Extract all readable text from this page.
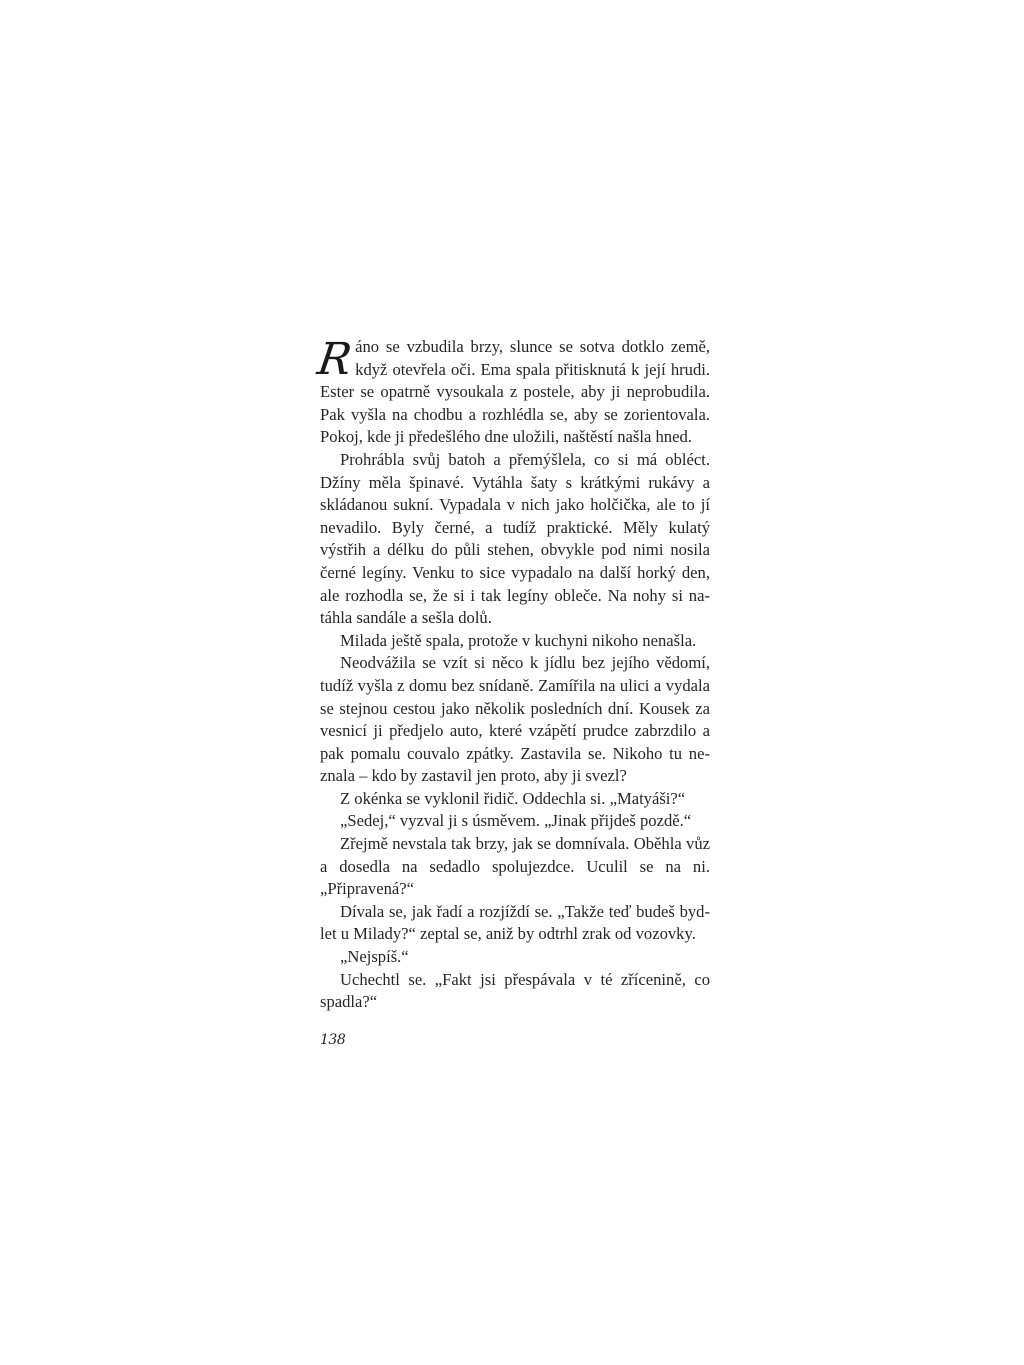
Ráno se vzbudila brzy, slunce se sotva dotklo země, když otevřela oči. Ema spala přitisknutá k její hrudi. Ester se opatrně vysoukala z postele, aby ji neprobudila. Pak vyšla na chodbu a rozhlédla se, aby se zorientovala. Pokoj, kde ji předešlého dne uložili, naštěstí našla hned.

Prohrábla svůj batoh a přemýšlela, co si má obléct. Džíny měla špinavé. Vytáhla šaty s krátkými rukávy a skládanou sukní. Vypadala v nich jako holčička, ale to jí nevadilo. Byly černé, a tudíž praktické. Měly kulatý výstřih a délku do půli stehen, obvykle pod nimi nosila černé legíny. Venku to sice vypadalo na další horký den, ale rozhodla se, že si i tak legíny obleče. Na nohy si natáhla sandále a sešla dolů.

Milada ještě spala, protože v kuchyni nikoho nenašla.

Neodvážila se vzít si něco k jídlu bez jejího vědomí, tudíž vyšla z domu bez snídaně. Zamířila na ulici a vydala se stejnou cestou jako několik posledních dní. Kousek za vesnicí ji předjelo auto, které vzápětí prudce zabrzdilo a pak pomalu couvalo zpátky. Zastavila se. Nikoho tu neznala – kdo by zastavil jen proto, aby ji svezl?

Z okénka se vyklonil řidič. Oddechla si. „Matyáši?“

„Sedej,“ vyzval ji s úsměvem. „Jinak přijdeš pozdě.“

Zřejmě nevstala tak brzy, jak se domnívala. Oběhla vůz a dosedla na sedadlo spolujezdce. Uculil se na ni. „Připravená?“

Dívala se, jak řadí a rozjíždí se. „Takže teď budeš bydlet u Milady?“ zeptal se, aniž by odtrhl zrak od vozovky.

„Nejspíš.“

Uchechtl se. „Fakt jsi přespávala v té zřícenině, co spadla?“

138
